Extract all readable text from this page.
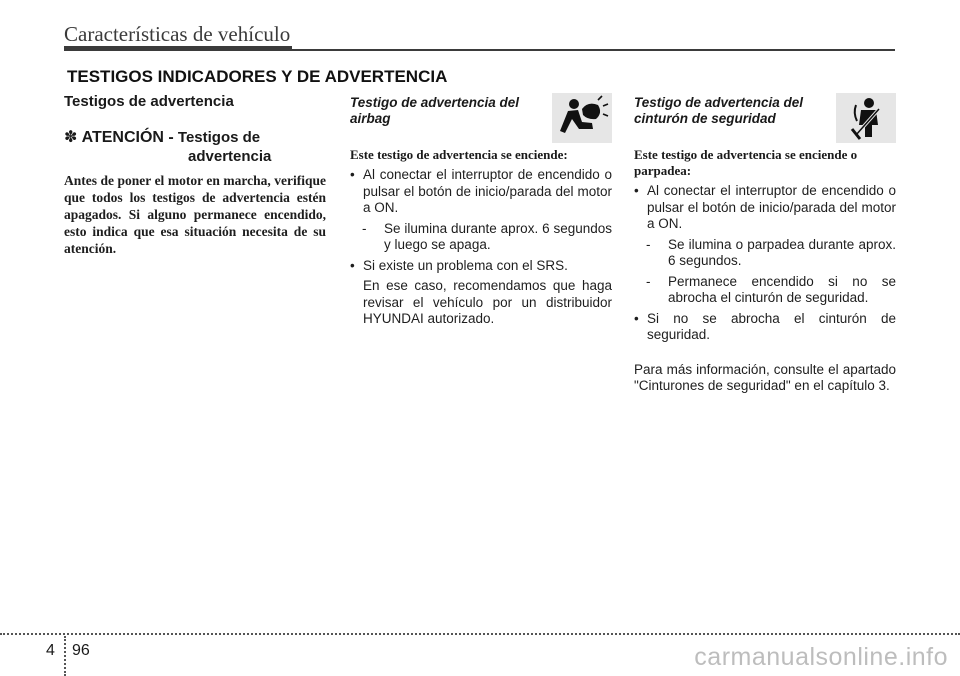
Características de vehículo
TESTIGOS INDICADORES Y DE ADVERTENCIA

Testigos de advertencia

✽ ATENCIÓN - Testigos de
advertencia

Antes de poner el motor en marcha, verifique que todos los testigos de advertencia estén apagados. Si alguno permanece encendido, esto indica que esa situación necesita de su atención.

Testigo de advertencia del airbag

Este testigo de advertencia se enciende:

• Al conectar el interruptor de encendido o pulsar el botón de inicio/parada del motor a ON.
- Se ilumina durante aprox. 6 segundos y luego se apaga.
• Si existe un problema con el SRS.
En ese caso, recomendamos que haga revisar el vehículo por un distribuidor HYUNDAI autorizado.

Testigo de advertencia del cinturón de seguridad

Este testigo de advertencia se enciende o parpadea:

• Al conectar el interruptor de encendido o pulsar el botón de inicio/parada del motor a ON.
- Se ilumina o parpadea durante aprox. 6 segundos.
- Permanece encendido si no se abrocha el cinturón de seguridad.
• Si no se abrocha el cinturón de seguridad.

Para más información, consulte el apartado "Cinturones de seguridad" en el capítulo 3.

4 96	carmanualsonline.info
